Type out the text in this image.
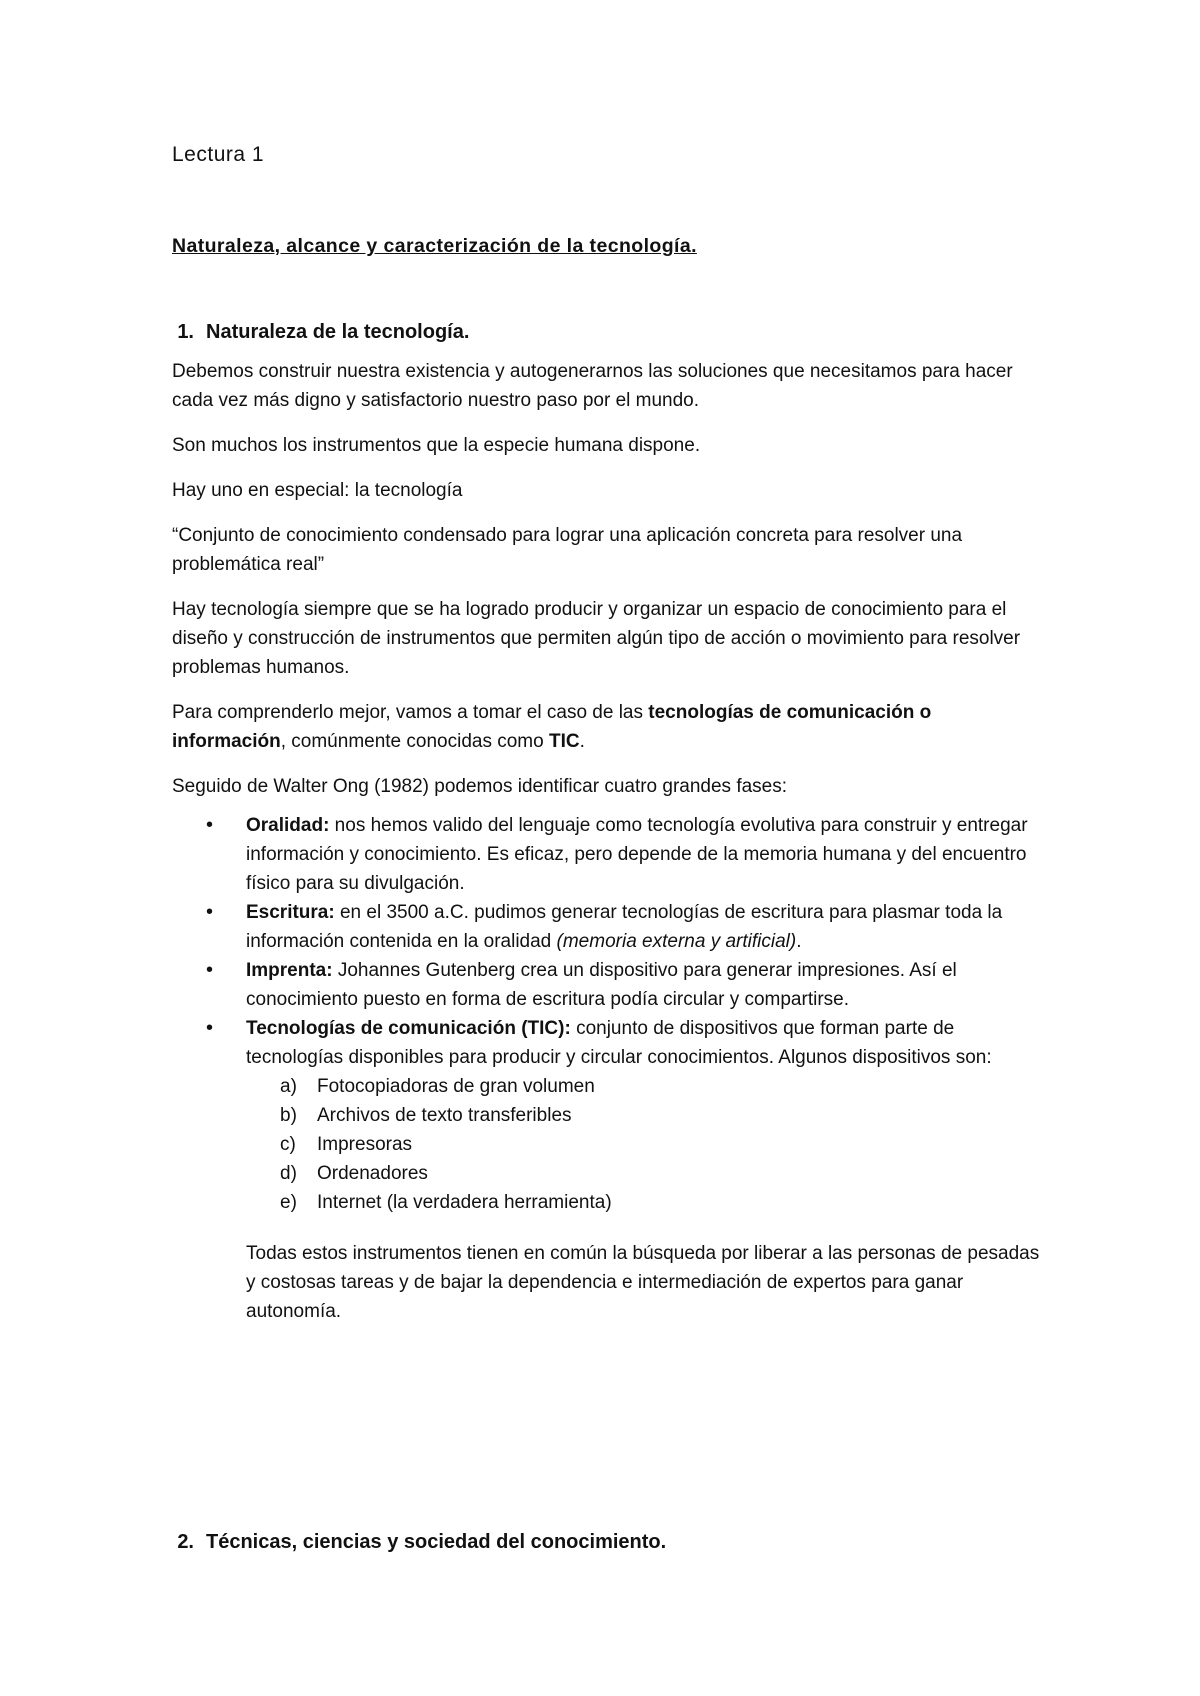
Lectura 1
Naturaleza, alcance y caracterización de la tecnología.
1. Naturaleza de la tecnología.

Debemos construir nuestra existencia y autogenerarnos las soluciones que necesitamos para hacer cada vez más digno y satisfactorio nuestro paso por el mundo.

Son muchos los instrumentos que la especie humana dispone.

Hay uno en especial: la tecnología

“Conjunto de conocimiento condensado para lograr una aplicación concreta para resolver una problemática real”

Hay tecnología siempre que se ha logrado producir y organizar un espacio de conocimiento para el diseño y construcción de instrumentos que permiten algún tipo de acción o movimiento para resolver problemas humanos.

Para comprenderlo mejor, vamos a tomar el caso de las tecnologías de comunicación o información, comúnmente conocidas como TIC.

Seguido de Walter Ong (1982) podemos identificar cuatro grandes fases:

• Oralidad: nos hemos valido del lenguaje como tecnología evolutiva para construir y entregar información y conocimiento. Es eficaz, pero depende de la memoria humana y del encuentro físico para su divulgación.
• Escritura: en el 3500 a.C. pudimos generar tecnologías de escritura para plasmar toda la información contenida en la oralidad (memoria externa y artificial).
• Imprenta: Johannes Gutenberg crea un dispositivo para generar impresiones. Así el conocimiento puesto en forma de escritura podía circular y compartirse.
• Tecnologías de comunicación (TIC): conjunto de dispositivos que forman parte de tecnologías disponibles para producir y circular conocimientos. Algunos dispositivos son:
a)	Fotocopiadoras de gran volumen
b)	Archivos de texto transferibles
c)	Impresoras
d)	Ordenadores
e)	Internet (la verdadera herramienta)

Todas estos instrumentos tienen en común la búsqueda por liberar a las personas de pesadas y costosas tareas y de bajar la dependencia e intermediación de expertos para ganar autonomía.

2. Técnicas, ciencias y sociedad del conocimiento.
